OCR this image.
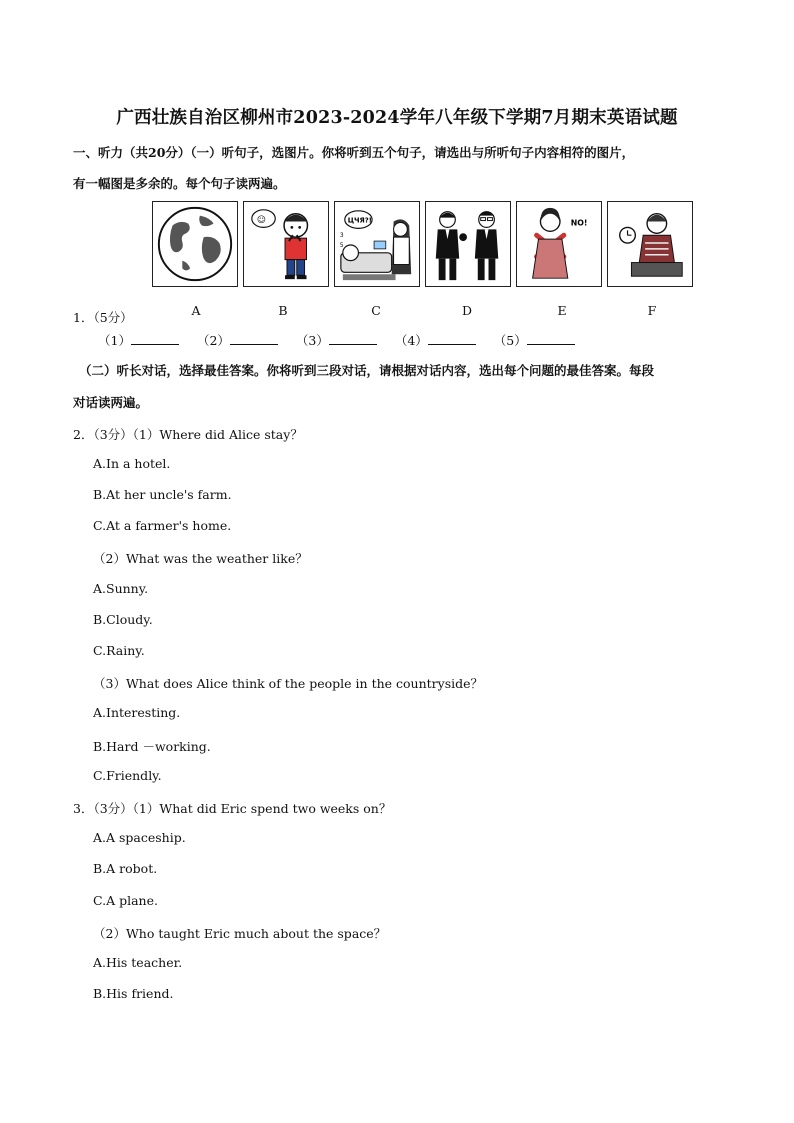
广西壮族自治区柳州市2023-2024学年八年级下学期7月期末英语试题
一、听力（共20分）（一）听句子，选图片。你将听到五个句子，请选出与所听句子内容相符的图片，
有一幅图是多余的。每个句子读两遍。
☺	ЦЧЯ?!
3
5
NO!
1．（5分）	A	B	C	D	E	F
（1）	（2）	（3）	（4）	（5）
（二）听长对话，选择最佳答案。你将听到三段对话，请根据对话内容，选出每个问题的最佳答案。每段
对话读两遍。
2．（3分）（1）Where did Alice stay？
A.In a hotel.
B.At her uncle's farm.
C.At a farmer's home.
（2）What was the weather like？
A.Sunny.
B.Cloudy.
C.Rainy.
（3）What does Alice think of the people in the countryside？
A.Interesting.
B.Hard －working.
C.Friendly.
3．（3分）（1）What did Eric spend two weeks on？
A.A spaceship.
B.A robot.
C.A plane.
（2）Who taught Eric much about the space？
A.His teacher.
B.His friend.
